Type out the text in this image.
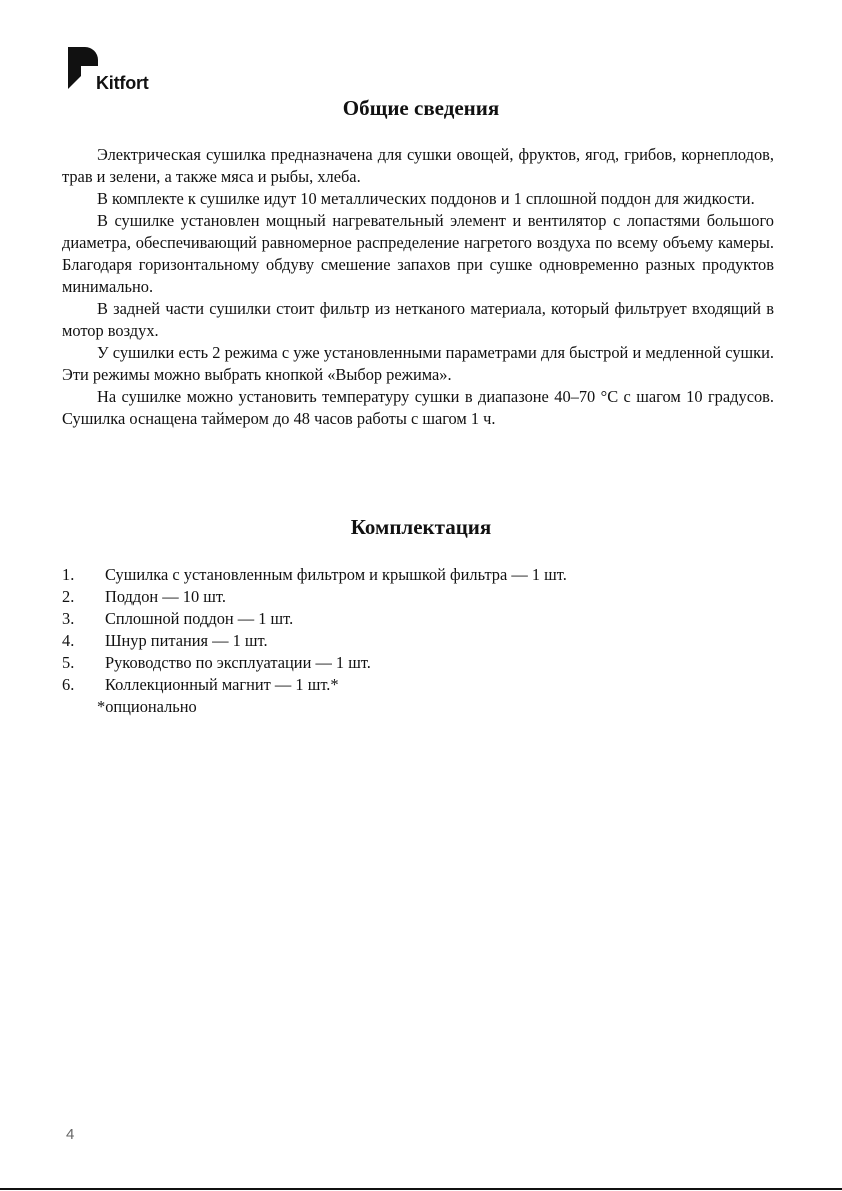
Kitfort
Общие сведения

Электрическая сушилка предназначена для сушки овощей, фруктов, ягод, грибов, корнеплодов, трав и зелени, а также мяса и рыбы, хлеба.

В комплекте к сушилке идут 10 металлических поддонов и 1 сплошной поддон для жидкости.

В сушилке установлен мощный нагревательный элемент и вентилятор с лопастями большого диаметра, обеспечивающий равномерное распределение нагретого воздуха по всему объему камеры. Благодаря горизонтальному обдуву смешение запахов при сушке одновременно разных продуктов минимально.

В задней части сушилки стоит фильтр из нетканого материала, который фильтрует входящий в мотор воздух.

У сушилки есть 2 режима с уже установленными параметрами для быстрой и медленной сушки. Эти режимы можно выбрать кнопкой «Выбор режима».

На сушилке можно установить температуру сушки в диапазоне 40–70 °С с шагом 10 градусов. Сушилка оснащена таймером до 48 часов работы с шагом 1 ч.

Комплектация
1.	Сушилка с установленным фильтром и крышкой фильтра — 1 шт.
2.	Поддон — 10 шт.
3.	Сплошной поддон — 1 шт.
4.	Шнур питания — 1 шт.
5.	Руководство по эксплуатации — 1 шт.
6.	Коллекционный магнит — 1 шт.*
*опционально
4
